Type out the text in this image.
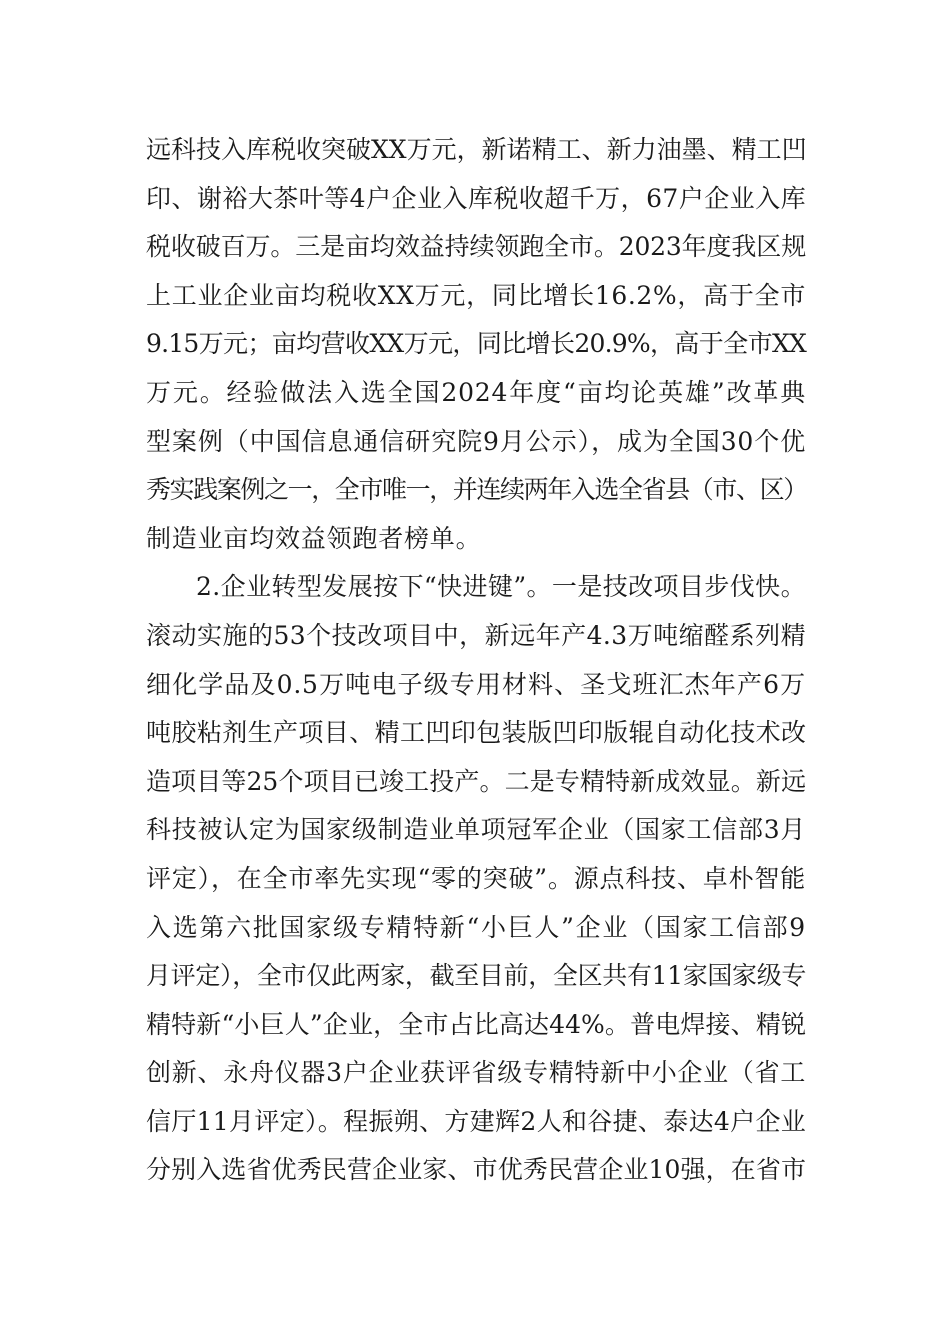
远科技入库税收突破XX万元，新诺精工、新力油墨、精工凹
印、谢裕大茶叶等4户企业入库税收超千万，67户企业入库
税收破百万。三是亩均效益持续领跑全市。2023年度我区规
上工业企业亩均税收XX万元，同比增长16.2%，高于全市
9.15万元；亩均营收XX万元，同比增长20.9%，高于全市XX
万元。经验做法入选全国2024年度“亩均论英雄”改革典
型案例（中国信息通信研究院9月公示），成为全国30个优
秀实践案例之一，全市唯一，并连续两年入选全省县（市、区）
制造业亩均效益领跑者榜单。
2.企业转型发展按下“快进键”。一是技改项目步伐快。
滚动实施的53个技改项目中，新远年产4.3万吨缩醛系列精
细化学品及0.5万吨电子级专用材料、圣戈班汇杰年产6万
吨胶粘剂生产项目、精工凹印包装版凹印版辊自动化技术改
造项目等25个项目已竣工投产。二是专精特新成效显。新远
科技被认定为国家级制造业单项冠军企业（国家工信部3月
评定），在全市率先实现“零的突破”。源点科技、卓朴智能
入选第六批国家级专精特新“小巨人”企业（国家工信部9
月评定），全市仅此两家，截至目前，全区共有11家国家级专
精特新“小巨人”企业，全市占比高达44%。普电焊接、精锐
创新、永舟仪器3户企业获评省级专精特新中小企业（省工
信厅11月评定）。程振朔、方建辉2人和谷捷、泰达4户企业
分别入选省优秀民营企业家、市优秀民营企业10强，在省市
